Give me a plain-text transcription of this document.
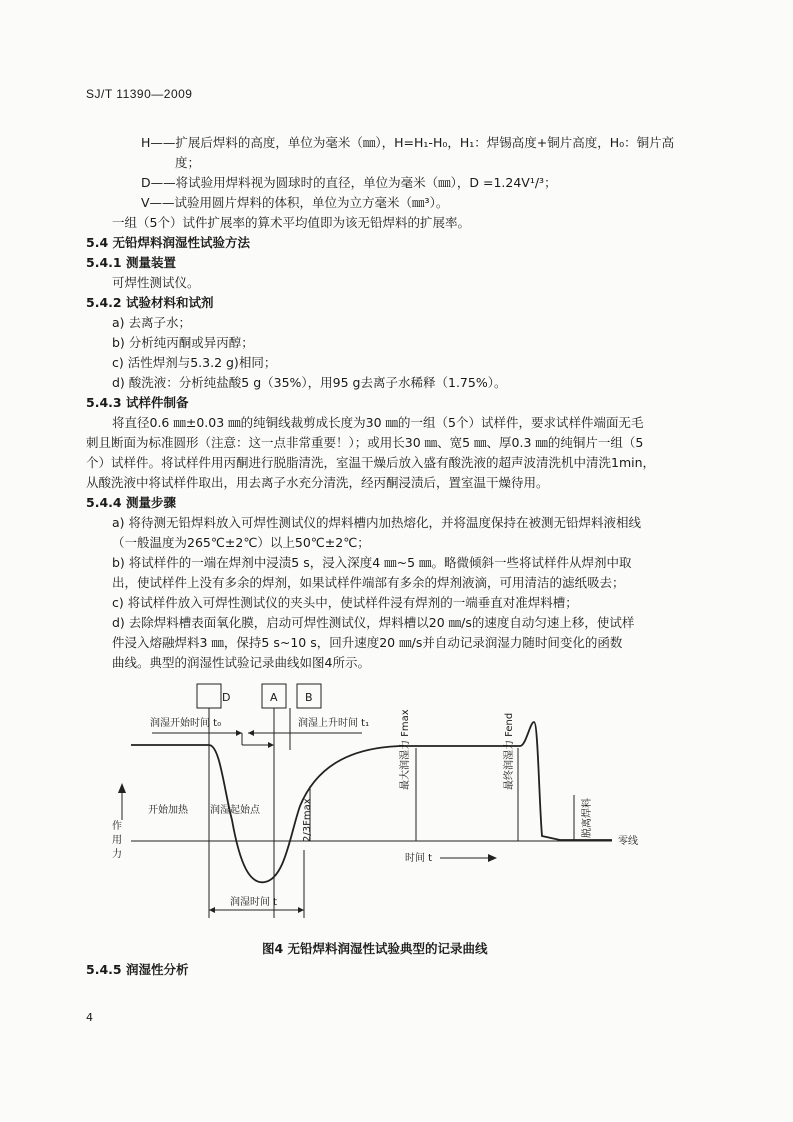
SJ/T 11390—2009
H——扩展后焊料的高度，单位为毫米（㎜），H=H₁-H₀，H₁：焊锡高度+铜片高度，H₀：铜片高
度；
D——将试验用焊料视为圆球时的直径，单位为毫米（㎜），D =1.24V¹/³；
V——试验用圆片焊料的体积，单位为立方毫米（㎜³）。
一组（5个）试件扩展率的算术平均值即为该无铅焊料的扩展率。
5.4 无铅焊料润湿性试验方法
5.4.1 测量装置
可焊性测试仪。
5.4.2 试验材料和试剂
a) 去离子水；
b) 分析纯丙酮或异丙醇；
c) 活性焊剂与5.3.2 g)相同；
d) 酸洗液：分析纯盐酸5 g（35%），用95 g去离子水稀释（1.75%）。
5.4.3 试样件制备
将直径0.6 ㎜±0.03 ㎜的纯铜线裁剪成长度为30 ㎜的一组（5个）试样件，要求试样件端面无毛
刺且断面为标准圆形（注意：这一点非常重要！）；或用长30 ㎜、宽5 ㎜、厚0.3 ㎜的纯铜片一组（5
个）试样件。将试样件用丙酮进行脱脂清洗，室温干燥后放入盛有酸洗液的超声波清洗机中清洗1min，
从酸洗液中将试样件取出，用去离子水充分清洗，经丙酮浸渍后，置室温干燥待用。
5.4.4 测量步骤
a) 将待测无铅焊料放入可焊性测试仪的焊料槽内加热熔化，并将温度保持在被测无铅焊料液相线
（一般温度为265℃±2℃）以上50℃±2℃；
b) 将试样件的一端在焊剂中浸渍5 s，浸入深度4 ㎜~5 ㎜。略微倾斜一些将试样件从焊剂中取
出，使试样件上没有多余的焊剂，如果试样件端部有多余的焊剂液滴，可用清洁的滤纸吸去；
c) 将试样件放入可焊性测试仪的夹头中，使试样件浸有焊剂的一端垂直对准焊料槽；
d) 去除焊料槽表面氧化膜，启动可焊性测试仪，焊料槽以20 ㎜/s的速度自动匀速上移，使试样
件浸入熔融焊料3 ㎜，保持5 s~10 s，回升速度20 ㎜/s并自动记录润湿力随时间变化的函数
曲线。典型的润湿性试验记录曲线如图4所示。
D	A B
润湿开始时间 t₀	润湿上升时间 t₁
开始加热 润湿起始点
作用力
最大润湿力 Fmax
2/3Fmax
最终润湿力 Fend
脱离焊料
零线
时间 t
润湿时间 t
图4 无铅焊料润湿性试验典型的记录曲线
5.4.5 润湿性分析
4
